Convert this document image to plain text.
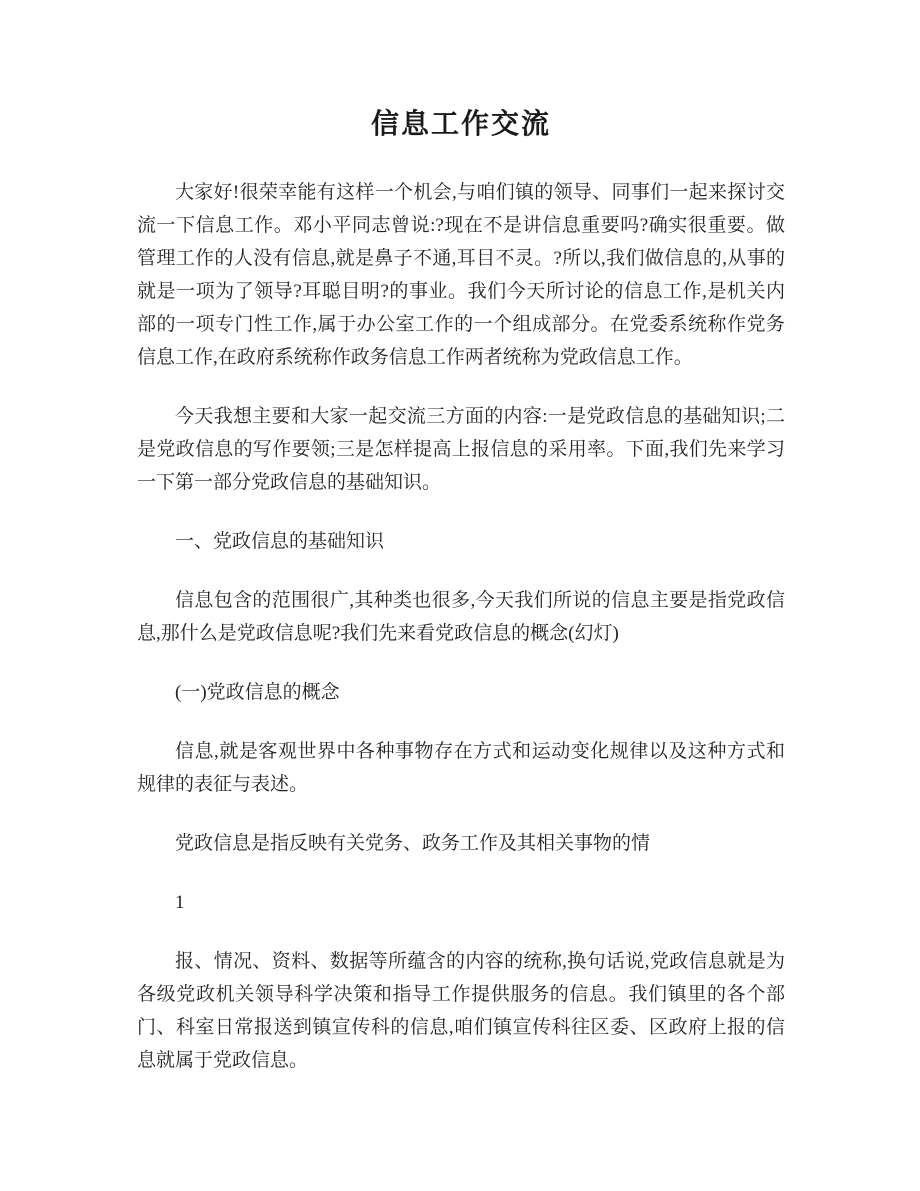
信息工作交流

大家好!很荣幸能有这样一个机会,与咱们镇的领导、同事们一起来探讨交流一下信息工作。邓小平同志曾说:?现在不是讲信息重要吗?确实很重要。做管理工作的人没有信息,就是鼻子不通,耳目不灵。?所以,我们做信息的,从事的就是一项为了领导?耳聪目明?的事业。我们今天所讨论的信息工作,是机关内部的一项专门性工作,属于办公室工作的一个组成部分。在党委系统称作党务信息工作,在政府系统称作政务信息工作两者统称为党政信息工作。

今天我想主要和大家一起交流三方面的内容:一是党政信息的基础知识;二是党政信息的写作要领;三是怎样提高上报信息的采用率。下面,我们先来学习一下第一部分党政信息的基础知识。

一、党政信息的基础知识

信息包含的范围很广,其种类也很多,今天我们所说的信息主要是指党政信息,那什么是党政信息呢?我们先来看党政信息的概念(幻灯)

(一)党政信息的概念

信息,就是客观世界中各种事物存在方式和运动变化规律以及这种方式和规律的表征与表述。

党政信息是指反映有关党务、政务工作及其相关事物的情

1

报、情况、资料、数据等所蕴含的内容的统称,换句话说,党政信息就是为各级党政机关领导科学决策和指导工作提供服务的信息。我们镇里的各个部门、科室日常报送到镇宣传科的信息,咱们镇宣传科往区委、区政府上报的信息就属于党政信息。
